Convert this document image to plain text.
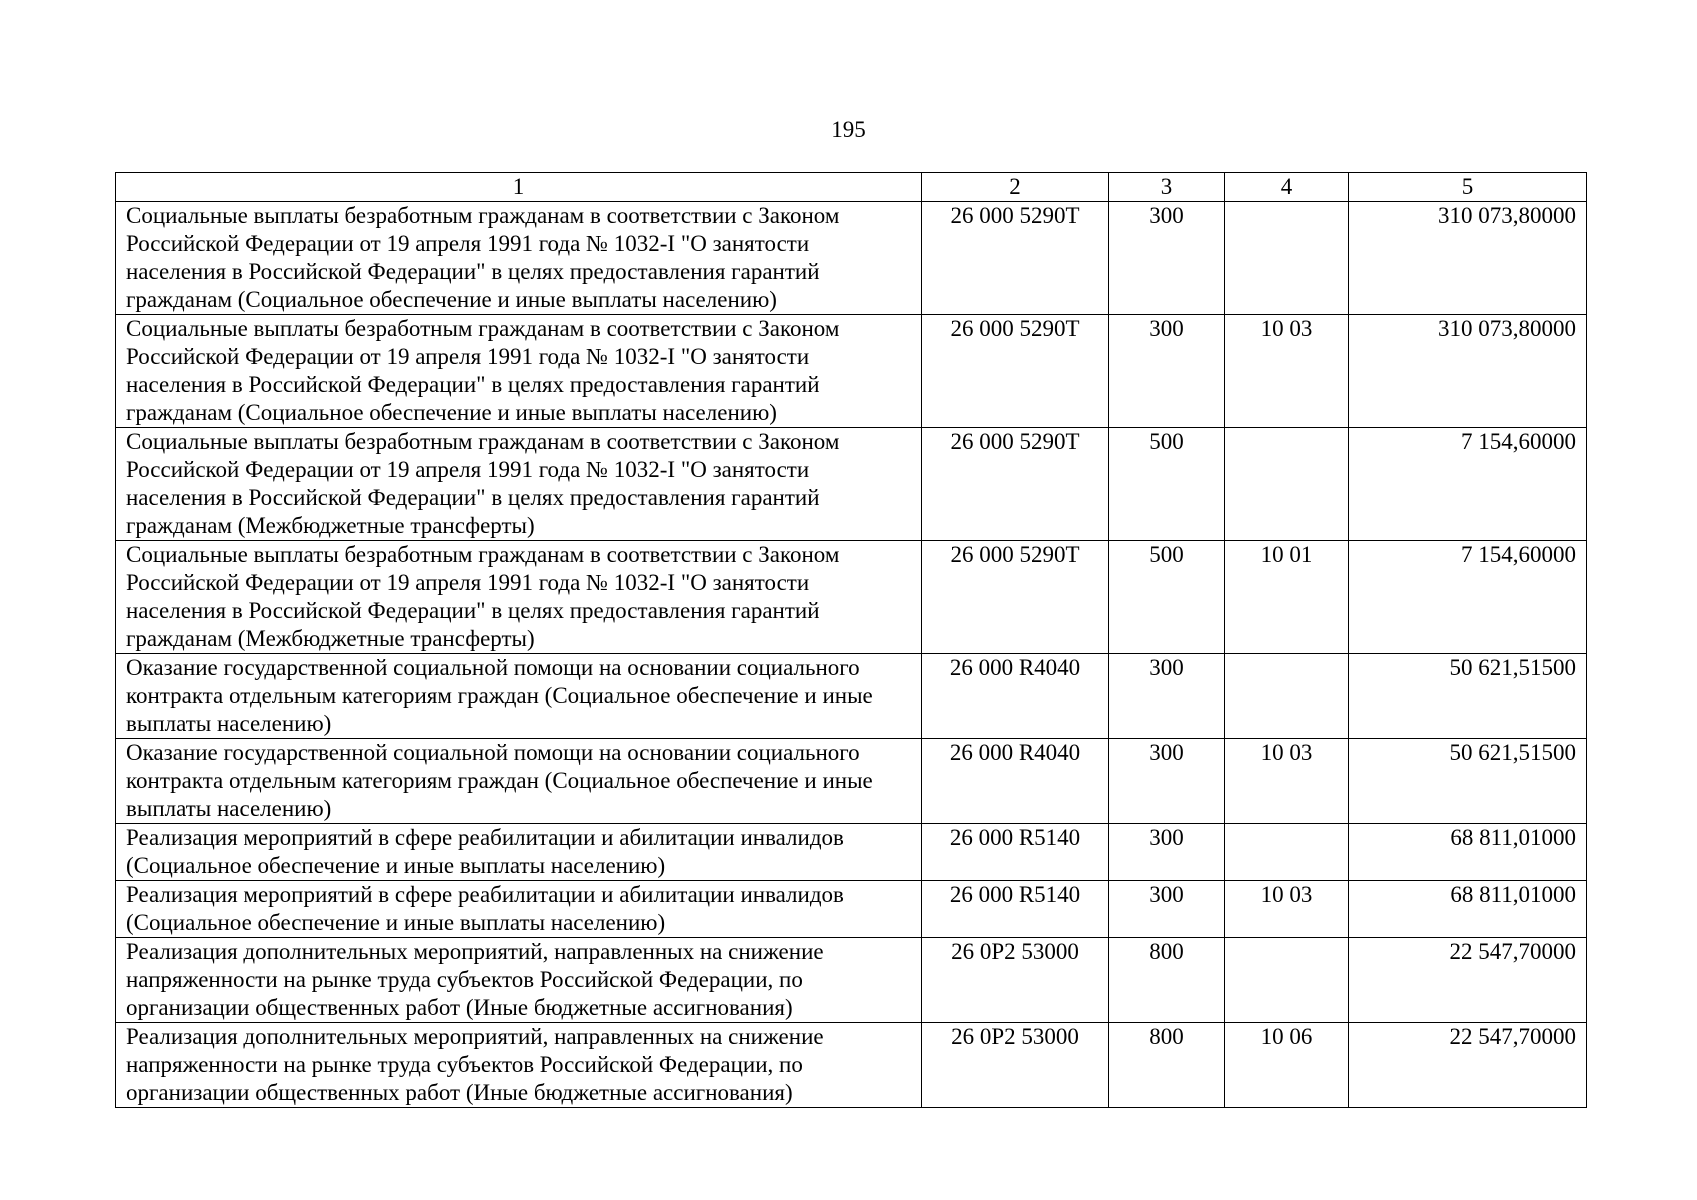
195
1	2	3	4	5
Социальные выплаты безработным гражданам в соответствии с Законом Российской Федерации от 19 апреля 1991 года № 1032-I "О занятости населения в Российской Федерации" в целях предоставления гарантий гражданам (Социальное обеспечение и иные выплаты населению)	26 000 5290T	300		310 073,80000
Социальные выплаты безработным гражданам в соответствии с Законом Российской Федерации от 19 апреля 1991 года № 1032-I "О занятости населения в Российской Федерации" в целях предоставления гарантий гражданам (Социальное обеспечение и иные выплаты населению)	26 000 5290T	300	10 03	310 073,80000
Социальные выплаты безработным гражданам в соответствии с Законом Российской Федерации от 19 апреля 1991 года № 1032-I "О занятости населения в Российской Федерации" в целях предоставления гарантий гражданам (Межбюджетные трансферты)	26 000 5290T	500		7 154,60000
Социальные выплаты безработным гражданам в соответствии с Законом Российской Федерации от 19 апреля 1991 года № 1032-I "О занятости населения в Российской Федерации" в целях предоставления гарантий гражданам (Межбюджетные трансферты)	26 000 5290T	500	10 01	7 154,60000
Оказание государственной социальной помощи на основании социального контракта отдельным категориям граждан (Социальное обеспечение и иные выплаты населению)	26 000 R4040	300		50 621,51500
Оказание государственной социальной помощи на основании социального контракта отдельным категориям граждан (Социальное обеспечение и иные выплаты населению)	26 000 R4040	300	10 03	50 621,51500
Реализация мероприятий в сфере реабилитации и абилитации инвалидов (Социальное обеспечение и иные выплаты населению)	26 000 R5140	300		68 811,01000
Реализация мероприятий в сфере реабилитации и абилитации инвалидов (Социальное обеспечение и иные выплаты населению)	26 000 R5140	300	10 03	68 811,01000
Реализация дополнительных мероприятий, направленных на снижение напряженности на рынке труда субъектов Российской Федерации, по организации общественных работ (Иные бюджетные ассигнования)	26 0P2 53000	800		22 547,70000
Реализация дополнительных мероприятий, направленных на снижение напряженности на рынке труда субъектов Российской Федерации, по организации общественных работ (Иные бюджетные ассигнования)	26 0P2 53000	800	10 06	22 547,70000
